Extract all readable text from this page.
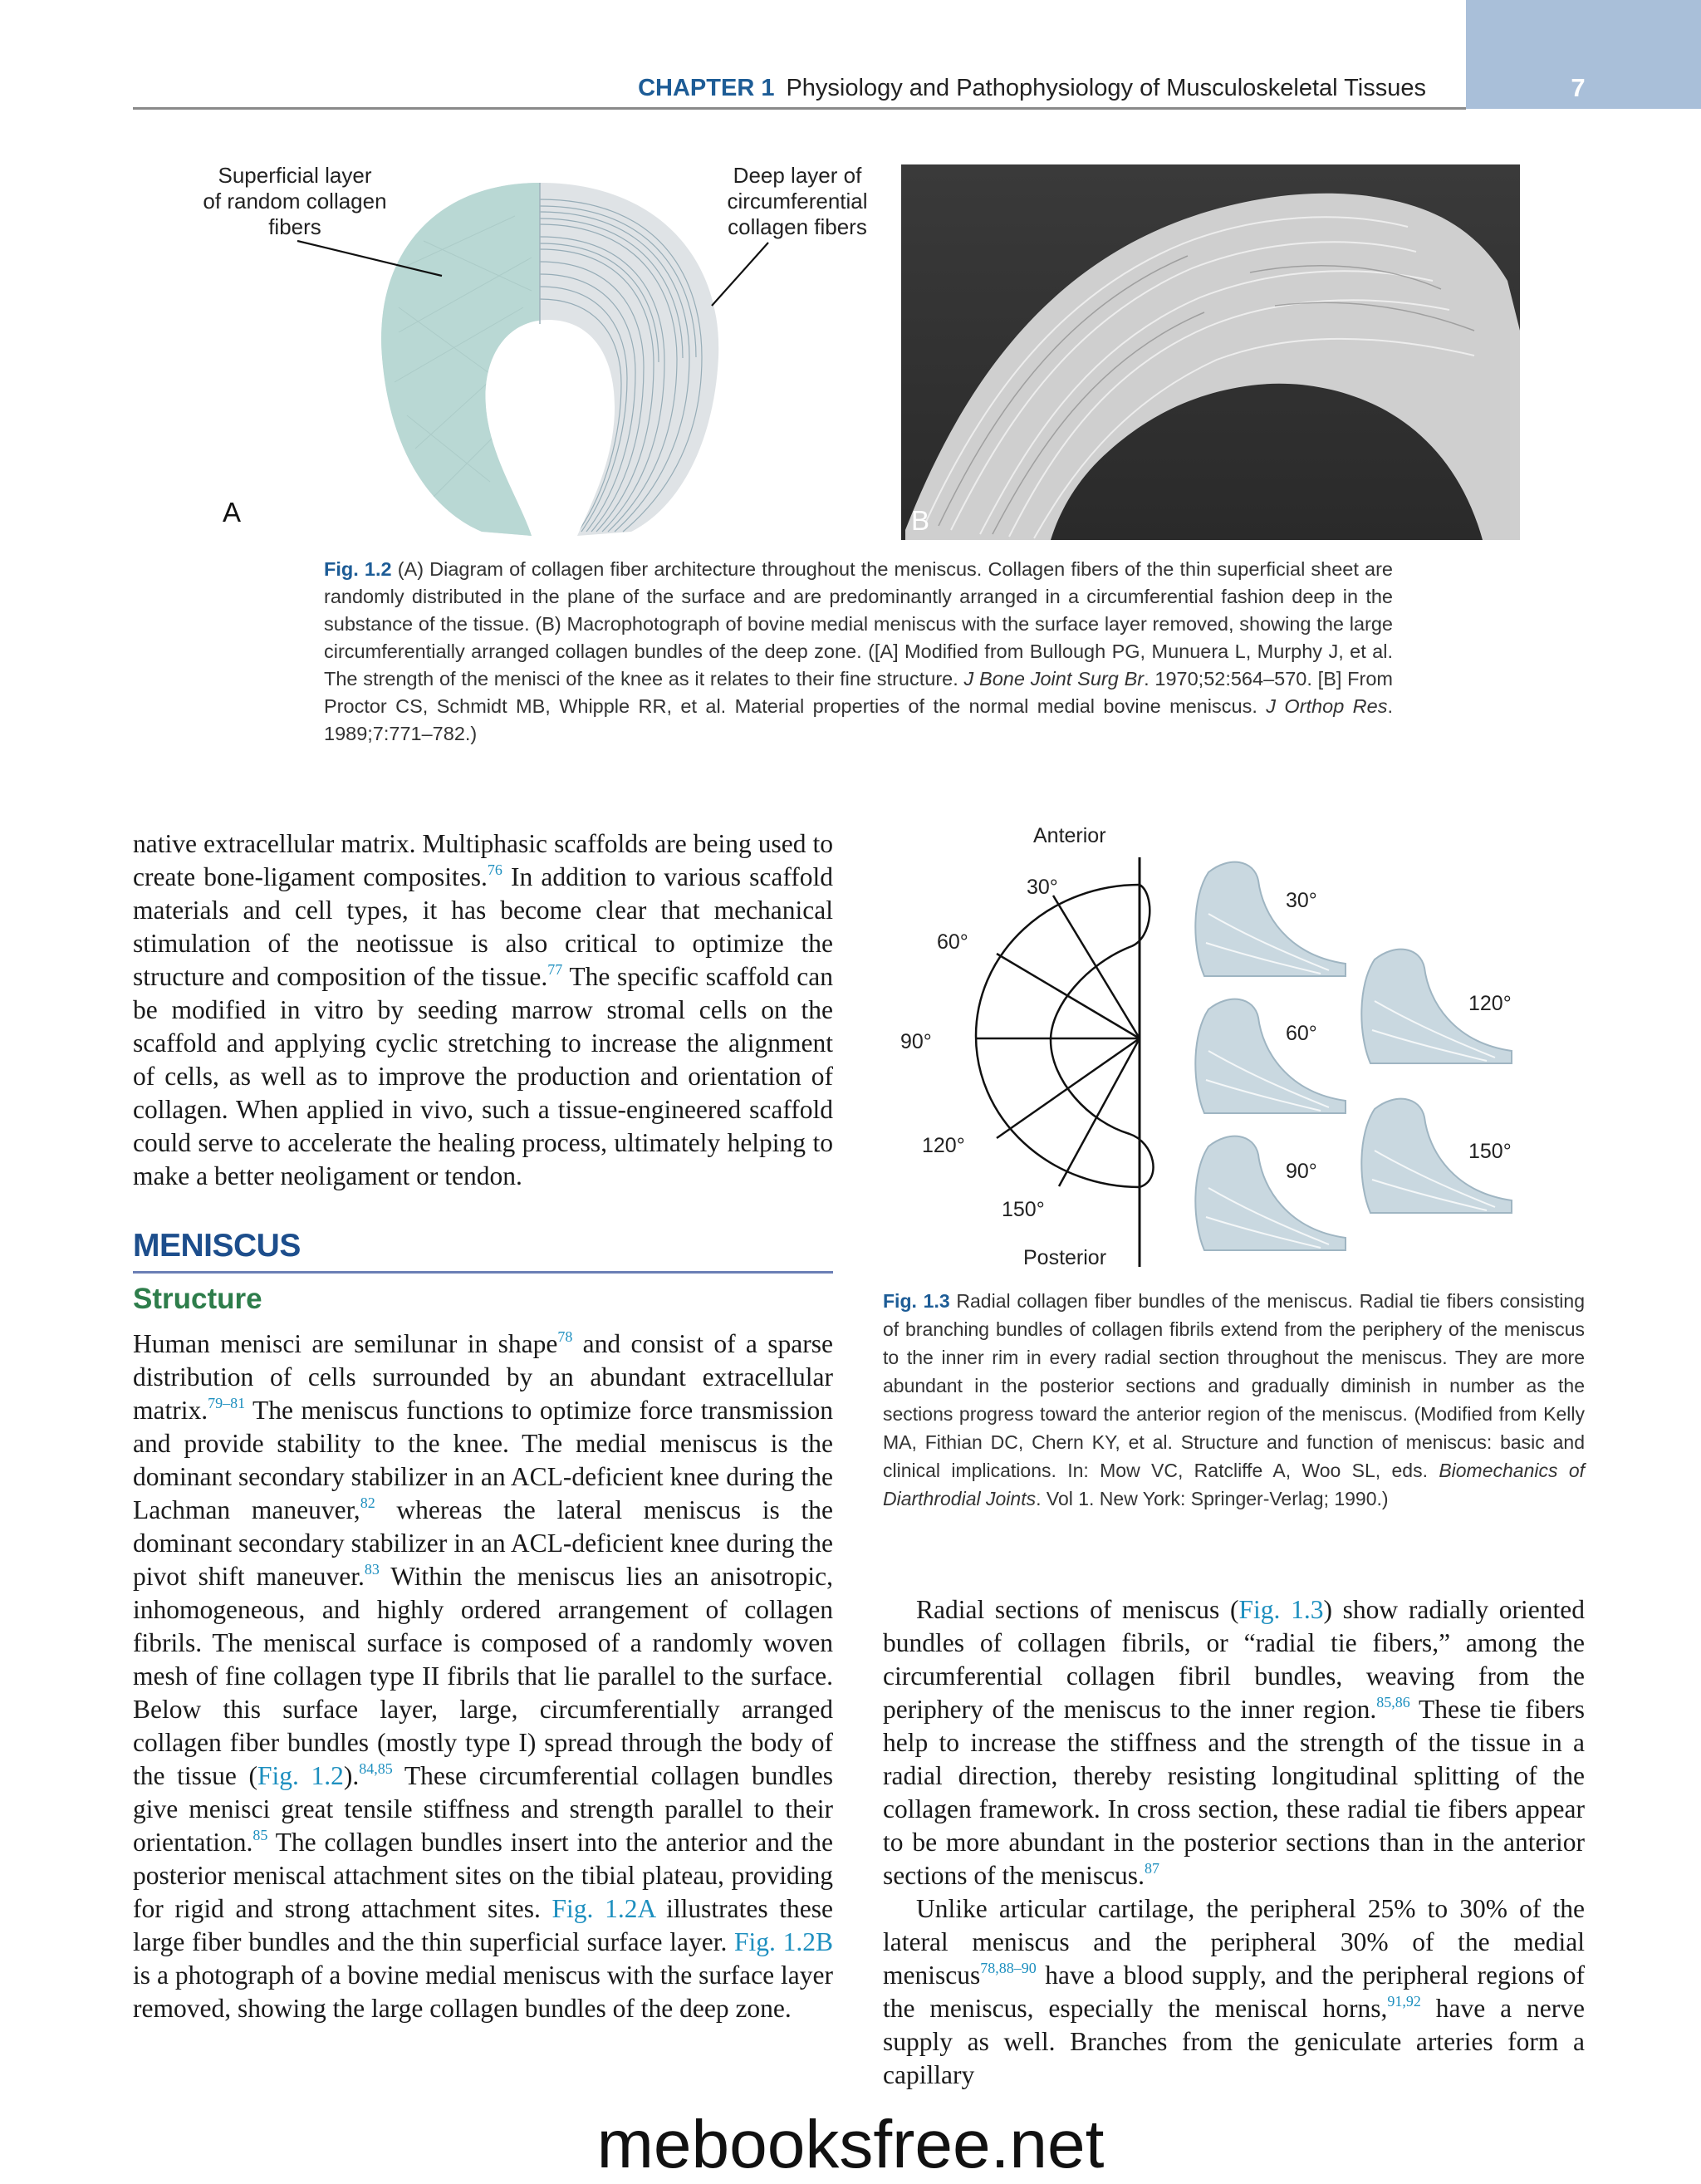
7
CHAPTER 1 Physiology and Pathophysiology of Musculoskeletal Tissues
Superficial layer
of random collagen
fibers
Deep layer of
circumferential
collagen fibers
A	B
Fig. 1.2 (A) Diagram of collagen fiber architecture throughout the meniscus. Collagen fibers of the thin superficial sheet are randomly distributed in the plane of the surface and are predominantly arranged in a circumferential fashion deep in the substance of the tissue. (B) Macrophotograph of bovine medial meniscus with the surface layer removed, showing the large circumferentially arranged collagen bundles of the deep zone. ([A] Modified from Bullough PG, Munuera L, Murphy J, et al. The strength of the menisci of the knee as it relates to their fine structure. J Bone Joint Surg Br. 1970;52:564–570. [B] From Proctor CS, Schmidt MB, Whipple RR, et al. Material properties of the normal medial bovine meniscus. J Orthop Res. 1989;7:771–782.)

native extracellular matrix. Multiphasic scaffolds are being used to create bone-ligament composites.$^{76}$ In addition to various scaffold materials and cell types, it has become clear that mechanical stimulation of the neotissue is also critical to optimize the structure and composition of the tissue.$^{77}$ The specific scaffold can be modified in vitro by seeding marrow stromal cells on the scaffold and applying cyclic stretching to increase the alignment of cells, as well as to improve the production and orientation of collagen. When applied in vivo, such a tissue-engineered scaffold could serve to accelerate the healing process, ultimately helping to make a better neoligament or tendon.

MENISCUS
Structure

Human menisci are semilunar in shape$^{78}$ and consist of a sparse distribution of cells surrounded by an abundant extracellular matrix.$^{79-81}$ The meniscus functions to optimize force transmission and provide stability to the knee. The medial meniscus is the dominant secondary stabilizer in an ACL-deficient knee during the Lachman maneuver,$^{82}$ whereas the lateral meniscus is the dominant secondary stabilizer in an ACL-deficient knee during the pivot shift maneuver.$^{83}$ Within the meniscus lies an anisotropic, inhomogeneous, and highly ordered arrangement of collagen fibrils. The meniscal surface is composed of a randomly woven mesh of fine collagen type II fibrils that lie parallel to the surface. Below this surface layer, large, circumferentially arranged collagen fiber bundles (mostly type I) spread through the body of the tissue (Fig. 1.2).$^{84,85}$ These circumferential collagen bundles give menisci great tensile stiffness and strength parallel to their orientation.$^{85}$ The collagen bundles insert into the anterior and the posterior meniscal attachment sites on the tibial plateau, providing for rigid and strong attachment sites. Fig. 1.2A illustrates these large fiber bundles and the thin superficial surface layer. Fig. 1.2B is a photograph of a bovine medial meniscus with the surface layer removed, showing the large collagen bundles of the deep zone.

Anterior
Posterior
30°
60°
90°
120°
150°
30°
60°
90°
120°
150°
Fig. 1.3 Radial collagen fiber bundles of the meniscus. Radial tie fibers consisting of branching bundles of collagen fibrils extend from the periphery of the meniscus to the inner rim in every radial section throughout the meniscus. They are more abundant in the posterior sections and gradually diminish in number as the sections progress toward the anterior region of the meniscus. (Modified from Kelly MA, Fithian DC, Chern KY, et al. Structure and function of meniscus: basic and clinical implications. In: Mow VC, Ratcliffe A, Woo SL, eds. Biomechanics of Diarthrodial Joints. Vol 1. New York: Springer-Verlag; 1990.)

Radial sections of meniscus (Fig. 1.3) show radially oriented bundles of collagen fibrils, or “radial tie fibers,” among the circumferential collagen fibril bundles, weaving from the periphery of the meniscus to the inner region.$^{85,86}$ These tie fibers help to increase the stiffness and the strength of the tissue in a radial direction, thereby resisting longitudinal splitting of the collagen framework. In cross section, these radial tie fibers appear to be more abundant in the posterior sections than in the anterior sections of the meniscus.$^{87}$

Unlike articular cartilage, the peripheral 25% to 30% of the lateral meniscus and the peripheral 30% of the medial meniscus$^{78,88-90}$ have a blood supply, and the peripheral regions of the meniscus, especially the meniscal horns,$^{91,92}$ have a nerve supply as well. Branches from the geniculate arteries form a capillary

mebooksfree.net
